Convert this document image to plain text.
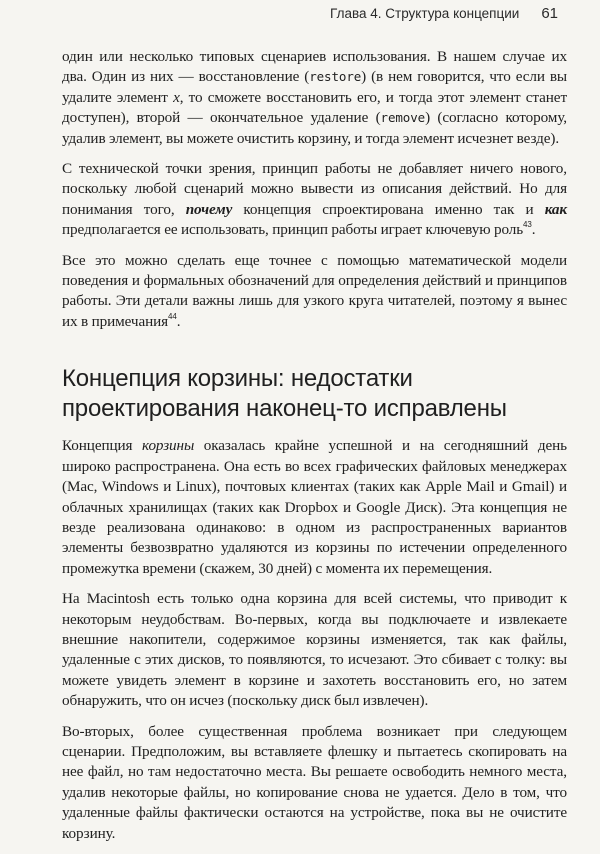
Глава 4. Структура концепции 61

один или несколько типовых сценариев использования. В нашем случае их два. Один из них — восстановление (restore) (в нем говорится, что если вы удалите элемент x, то сможете восстановить его, и тогда этот элемент станет доступен), второй — окончательное удаление (remove) (согласно которому, удалив элемент, вы можете очистить корзину, и тогда элемент исчезнет везде).

С технической точки зрения, принцип работы не добавляет ничего нового, поскольку любой сценарий можно вывести из описания действий. Но для понимания того, почему концепция спроектирована именно так и как предполагается ее использовать, принцип работы играет ключевую роль$^{43}$.

Все это можно сделать еще точнее с помощью математической модели поведения и формальных обозначений для определения действий и принципов работы. Эти детали важны лишь для узкого круга читателей, поэтому я вынес их в примечания$^{44}$.

Концепция корзины: недостатки
проектирования наконец-то исправлены

Концепция корзины оказалась крайне успешной и на сегодняшний день широко распространена. Она есть во всех графических файловых менеджерах (Mac, Windows и Linux), почтовых клиентах (таких как Apple Mail и Gmail) и облачных хранилищах (таких как Dropbox и Google Диск). Эта концепция не везде реализована одинаково: в одном из распространенных вариантов элементы безвозвратно удаляются из корзины по истечении определенного промежутка времени (скажем, 30 дней) с момента их перемещения.

На Macintosh есть только одна корзина для всей системы, что приводит к некоторым неудобствам. Во-первых, когда вы подключаете и извлекаете внешние накопители, содержимое корзины изменяется, так как файлы, удаленные с этих дисков, то появляются, то исчезают. Это сбивает с толку: вы можете увидеть элемент в корзине и захотеть восстановить его, но затем обнаружить, что он исчез (поскольку диск был извлечен).

Во-вторых, более существенная проблема возникает при следующем сценарии. Предположим, вы вставляете флешку и пытаетесь скопировать на нее файл, но там недостаточно места. Вы решаете освободить немного места, удалив некоторые файлы, но копирование снова не удается. Дело в том, что удаленные файлы фактически остаются на устройстве, пока вы не очистите корзину.
